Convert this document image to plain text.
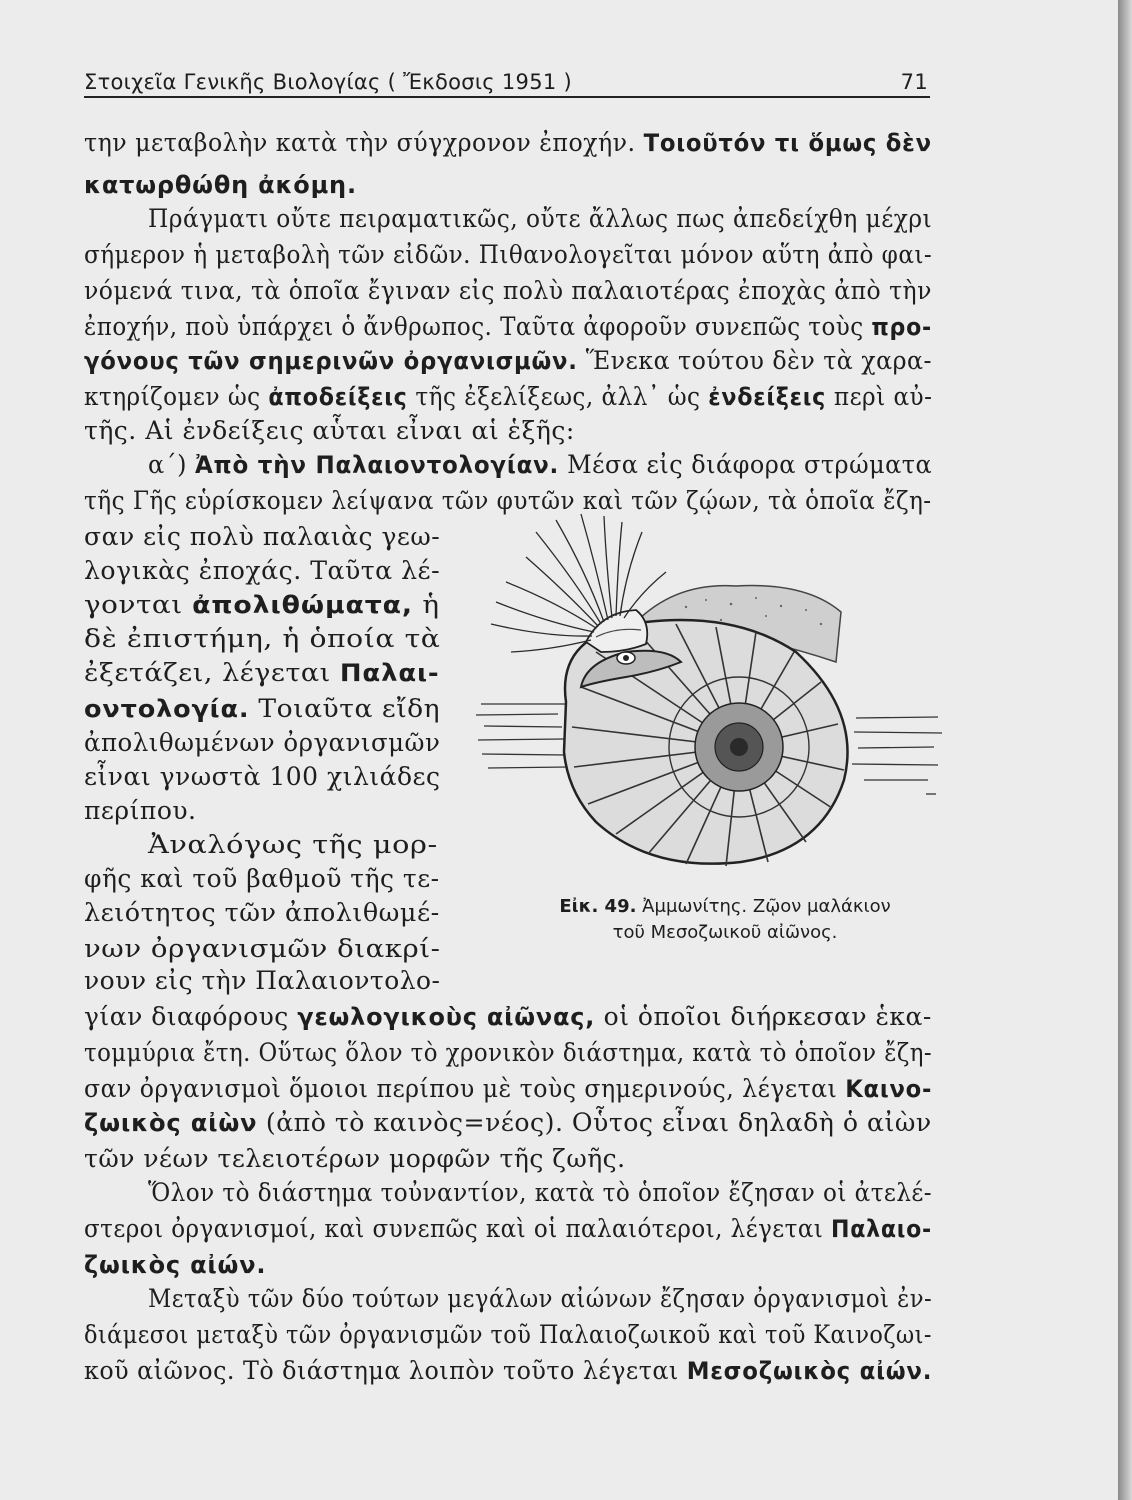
Στοιχεῖα Γενικῆς Βιολογίας ( Ἔκδοσις 1951 )	71
την μεταβολὴν κατὰ τὴν σύγχρονον ἐποχήν. Τοιοῦτόν τι ὅμως δὲν
κατωρθώθη ἀκόμη.
Πράγματι οὔτε πειραματικῶς, οὔτε ἄλλως πως ἀπεδείχθη μέχρι
σήμερον ἡ μεταβολὴ τῶν εἰδῶν. Πιθανολογεῖται μόνον αὕτη ἀπὸ φαι-
νόμενά τινα, τὰ ὁποῖα ἔγιναν εἰς πολὺ παλαιοτέρας ἐποχὰς ἀπὸ τὴν
ἐποχήν, ποὺ ὑπάρχει ὁ ἄνθρωπος. Ταῦτα ἀφοροῦν συνεπῶς τοὺς προ-
γόνους τῶν σημερινῶν ὀργανισμῶν. Ἕνεκα τούτου δὲν τὰ χαρα-
κτηρίζομεν ὡς ἀποδείξεις τῆς ἐξελίξεως, ἀλλ᾿ ὡς ἐνδείξεις περὶ αὐ-
τῆς. Αἱ ἐνδείξεις αὗται εἶναι αἱ ἑξῆς:
α΄) Ἀπὸ τὴν Παλαιοντολογίαν. Μέσα εἰς διάφορα στρώματα
τῆς Γῆς εὑρίσκομεν λείψανα τῶν φυτῶν καὶ τῶν ζῴων, τὰ ὁποῖα ἔζη-
σαν εἰς πολὺ παλαιὰς γεω-
λογικὰς ἐποχάς. Ταῦτα λέ-
γονται ἀπολιθώματα, ἡ
δὲ ἐπιστήμη, ἡ ὁποία τὰ
ἐξετάζει, λέγεται Παλαι-
οντολογία. Τοιαῦτα εἴδη
ἀπολιθωμένων ὀργανισμῶν
εἶναι γνωστὰ 100 χιλιάδες
περίπου.
Ἀναλόγως τῆς μορ-
φῆς καὶ τοῦ βαθμοῦ τῆς τε-
λειότητος τῶν ἀπολιθωμέ-
νων ὀργανισμῶν διακρί-
νουν εἰς τὴν Παλαιοντολο-
γίαν διαφόρους γεωλογικοὺς αἰῶνας, οἱ ὁποῖοι διήρκεσαν ἑκα-
τομμύρια ἔτη. Οὕτως ὅλον τὸ χρονικὸν διάστημα, κατὰ τὸ ὁποῖον ἔζη-
σαν ὀργανισμοὶ ὅμοιοι περίπου μὲ τοὺς σημερινούς, λέγεται Καινο-
ζωικὸς αἰὼν (ἀπὸ τὸ καινὸς=νέος). Οὗτος εἶναι δηλαδὴ ὁ αἰὼν
τῶν νέων τελειοτέρων μορφῶν τῆς ζωῆς.
Ὅλον τὸ διάστημα τοὐναντίον, κατὰ τὸ ὁποῖον ἔζησαν οἱ ἀτελέ-
στεροι ὀργανισμοί, καὶ συνεπῶς καὶ οἱ παλαιότεροι, λέγεται Παλαιο-
ζωικὸς αἰών.
Μεταξὺ τῶν δύο τούτων μεγάλων αἰώνων ἔζησαν ὀργανισμοὶ ἐν-
διάμεσοι μεταξὺ τῶν ὀργανισμῶν τοῦ Παλαιοζωικοῦ καὶ τοῦ Καινοζωι-
κοῦ αἰῶνος. Τὸ διάστημα λοιπὸν τοῦτο λέγεται Μεσοζωικὸς αἰών.
Εἰκ. 49. Ἀμμωνίτης. Ζῷον μαλάκιον
τοῦ Μεσοζωικοῦ αἰῶνος.
